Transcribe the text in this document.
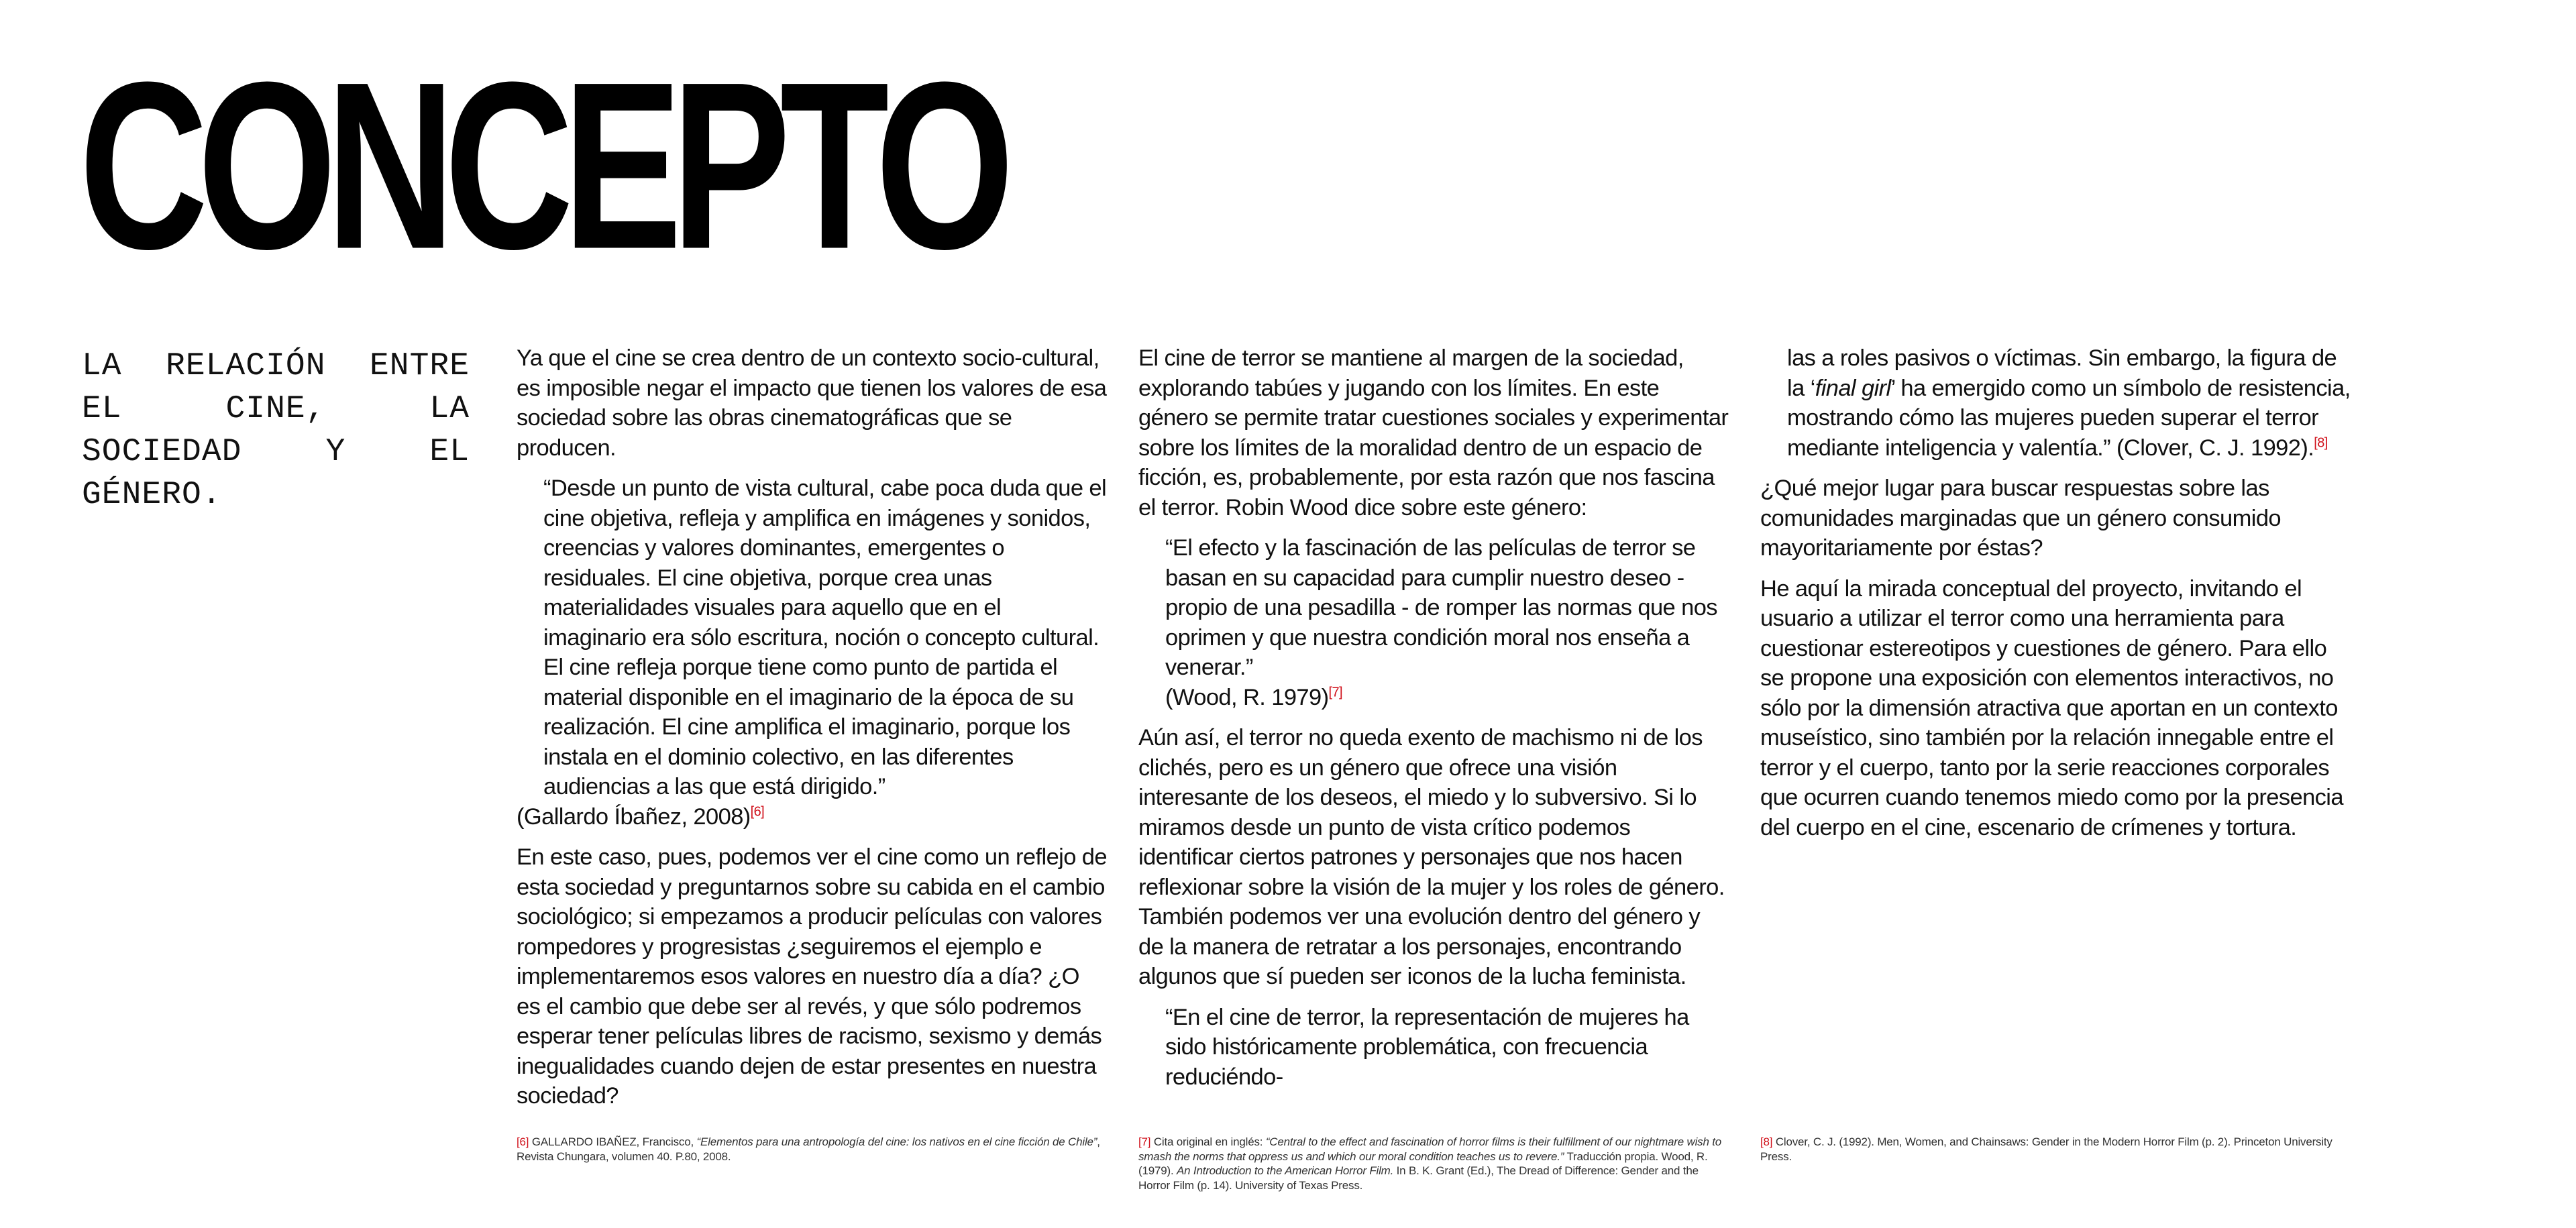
CONCEPTO
LA RELACIÓN ENTRE EL CINE, LA SOCIEDAD Y EL GÉNERO.

Ya que el cine se crea dentro de un contexto socio-cultural, es imposible negar el impacto que tienen los valores de esa sociedad sobre las obras cinematográficas que se producen.

“Desde un punto de vista cultural, cabe poca duda que el cine objetiva, refleja y amplifica en imágenes y sonidos, creencias y valores dominantes, emergentes o residuales. El cine objetiva, porque crea unas materialidades visuales para aquello que en el imaginario era sólo escritura, noción o concepto cultural. El cine refleja porque tiene como punto de partida el material disponible en el imaginario de la época de su realización. El cine amplifica el imaginario, porque los instala en el dominio colectivo, en las diferentes audiencias a las que está dirigido.”

(Gallardo Íbañez, 2008)[6]

En este caso, pues, podemos ver el cine como un reflejo de esta sociedad y preguntarnos sobre su cabida en el cambio sociológico; si empezamos a producir películas con valores rompedores y progresistas ¿seguiremos el ejemplo e implementaremos esos valores en nuestro día a día? ¿O es el cambio que debe ser al revés, y que sólo podremos esperar tener películas libres de racismo, sexismo y demás inegualidades cuando dejen de estar presentes en nuestra sociedad?

El cine de terror se mantiene al margen de la sociedad, explorando tabúes y jugando con los límites. En este género se permite tratar cuestiones sociales y experimentar sobre los límites de la moralidad dentro de un espacio de ficción, es, probablemente, por esta razón que nos fascina el terror. Robin Wood dice sobre este género:

“El efecto y la fascinación de las películas de terror se basan en su capacidad para cumplir nuestro deseo - propio de una pesadilla - de romper las normas que nos oprimen y que nuestra condición moral nos enseña a venerar.”
(Wood, R. 1979)[7]

Aún así, el terror no queda exento de machismo ni de los clichés, pero es un género que ofrece una visión interesante de los deseos, el miedo y lo subversivo. Si lo miramos desde un punto de vista crítico podemos identificar ciertos patrones y personajes que nos hacen reflexionar sobre la visión de la mujer y los roles de género. También podemos ver una evolución dentro del género y de la manera de retratar a los personajes, encontrando algunos que sí pueden ser iconos de la lucha feminista.

“En el cine de terror, la representación de mujeres ha sido históricamente problemática, con frecuencia reduciéndo-

las a roles pasivos o víctimas. Sin embargo, la figura de la ‘final girl’ ha emergido como un símbolo de resistencia, mostrando cómo las mujeres pueden superar el terror mediante inteligencia y valentía.” (Clover, C. J. 1992).[8]

¿Qué mejor lugar para buscar respuestas sobre las comunidades marginadas que un género consumido mayoritariamente por éstas?

He aquí la mirada conceptual del proyecto, invitando el usuario a utilizar el terror como una herramienta para cuestionar estereotipos y cuestiones de género. Para ello se propone una exposición con elementos interactivos, no sólo por la dimensión atractiva que aportan en un contexto museístico, sino también por la relación innegable entre el terror y el cuerpo, tanto por la serie reacciones corporales que ocurren cuando tenemos miedo como por la presencia del cuerpo en el cine, escenario de crímenes y tortura.

[6] GALLARDO IBAÑEZ, Francisco, “Elementos para una antropología del cine: los nativos en el cine ficción de Chile”, Revista Chungara, volumen 40. P.80, 2008.
[7] Cita original en inglés: “Central to the effect and fascination of horror films is their fulfillment of our nightmare wish to smash the norms that oppress us and which our moral condition teaches us to revere.” Traducción propia. Wood, R. (1979). An Introduction to the American Horror Film. In B. K. Grant (Ed.), The Dread of Difference: Gender and the Horror Film (p. 14). University of Texas Press.
[8] Clover, C. J. (1992). Men, Women, and Chainsaws: Gender in the Modern Horror Film (p. 2). Princeton University Press.
